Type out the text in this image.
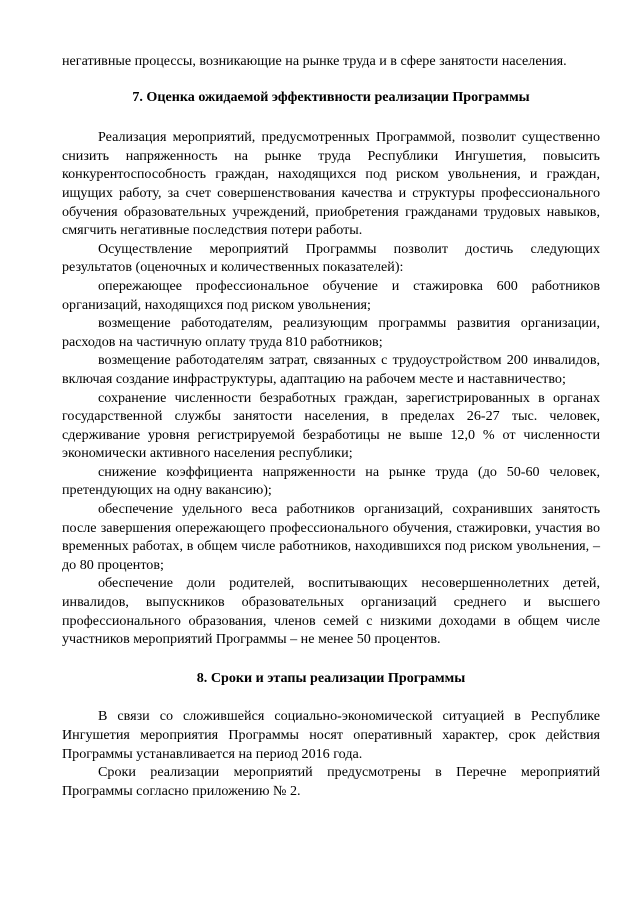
негативные процессы, возникающие на рынке труда и в сфере занятости населения.

7. Оценка ожидаемой эффективности реализации Программы

Реализация мероприятий, предусмотренных Программой, позволит существенно снизить напряженность на рынке труда Республики Ингушетия, повысить конкурентоспособность граждан, находящихся под риском увольнения, и граждан, ищущих работу, за счет совершенствования качества и структуры профессионального обучения образовательных учреждений, приобретения гражданами трудовых навыков, смягчить негативные последствия потери работы.

Осуществление мероприятий Программы позволит достичь следующих результатов (оценочных и количественных показателей):

опережающее профессиональное обучение и стажировка 600 работников организаций, находящихся под риском увольнения;

возмещение работодателям, реализующим программы развития организации, расходов на частичную оплату труда 810 работников;

возмещение работодателям затрат, связанных с трудоустройством 200 инвалидов, включая создание инфраструктуры, адаптацию на рабочем месте и наставничество;

сохранение численности безработных граждан, зарегистрированных в органах государственной службы занятости населения, в пределах 26-27 тыс. человек, сдерживание уровня регистрируемой безработицы не выше 12,0 % от численности экономически активного населения республики;

снижение коэффициента напряженности на рынке труда (до 50-60 человек, претендующих на одну вакансию);

обеспечение удельного веса работников организаций, сохранивших занятость после завершения опережающего профессионального обучения, стажировки, участия во временных работах, в общем числе работников, находившихся под риском увольнения, – до 80 процентов;

обеспечение доли родителей, воспитывающих несовершеннолетних детей, инвалидов, выпускников образовательных организаций среднего и высшего профессионального образования, членов семей с низкими доходами в общем числе участников мероприятий Программы – не менее 50 процентов.

8. Сроки и этапы реализации Программы

В связи со сложившейся социально-экономической ситуацией в Республике Ингушетия мероприятия Программы носят оперативный характер, срок действия Программы устанавливается на период 2016 года.

Сроки реализации мероприятий предусмотрены в Перечне мероприятий Программы согласно приложению № 2.
